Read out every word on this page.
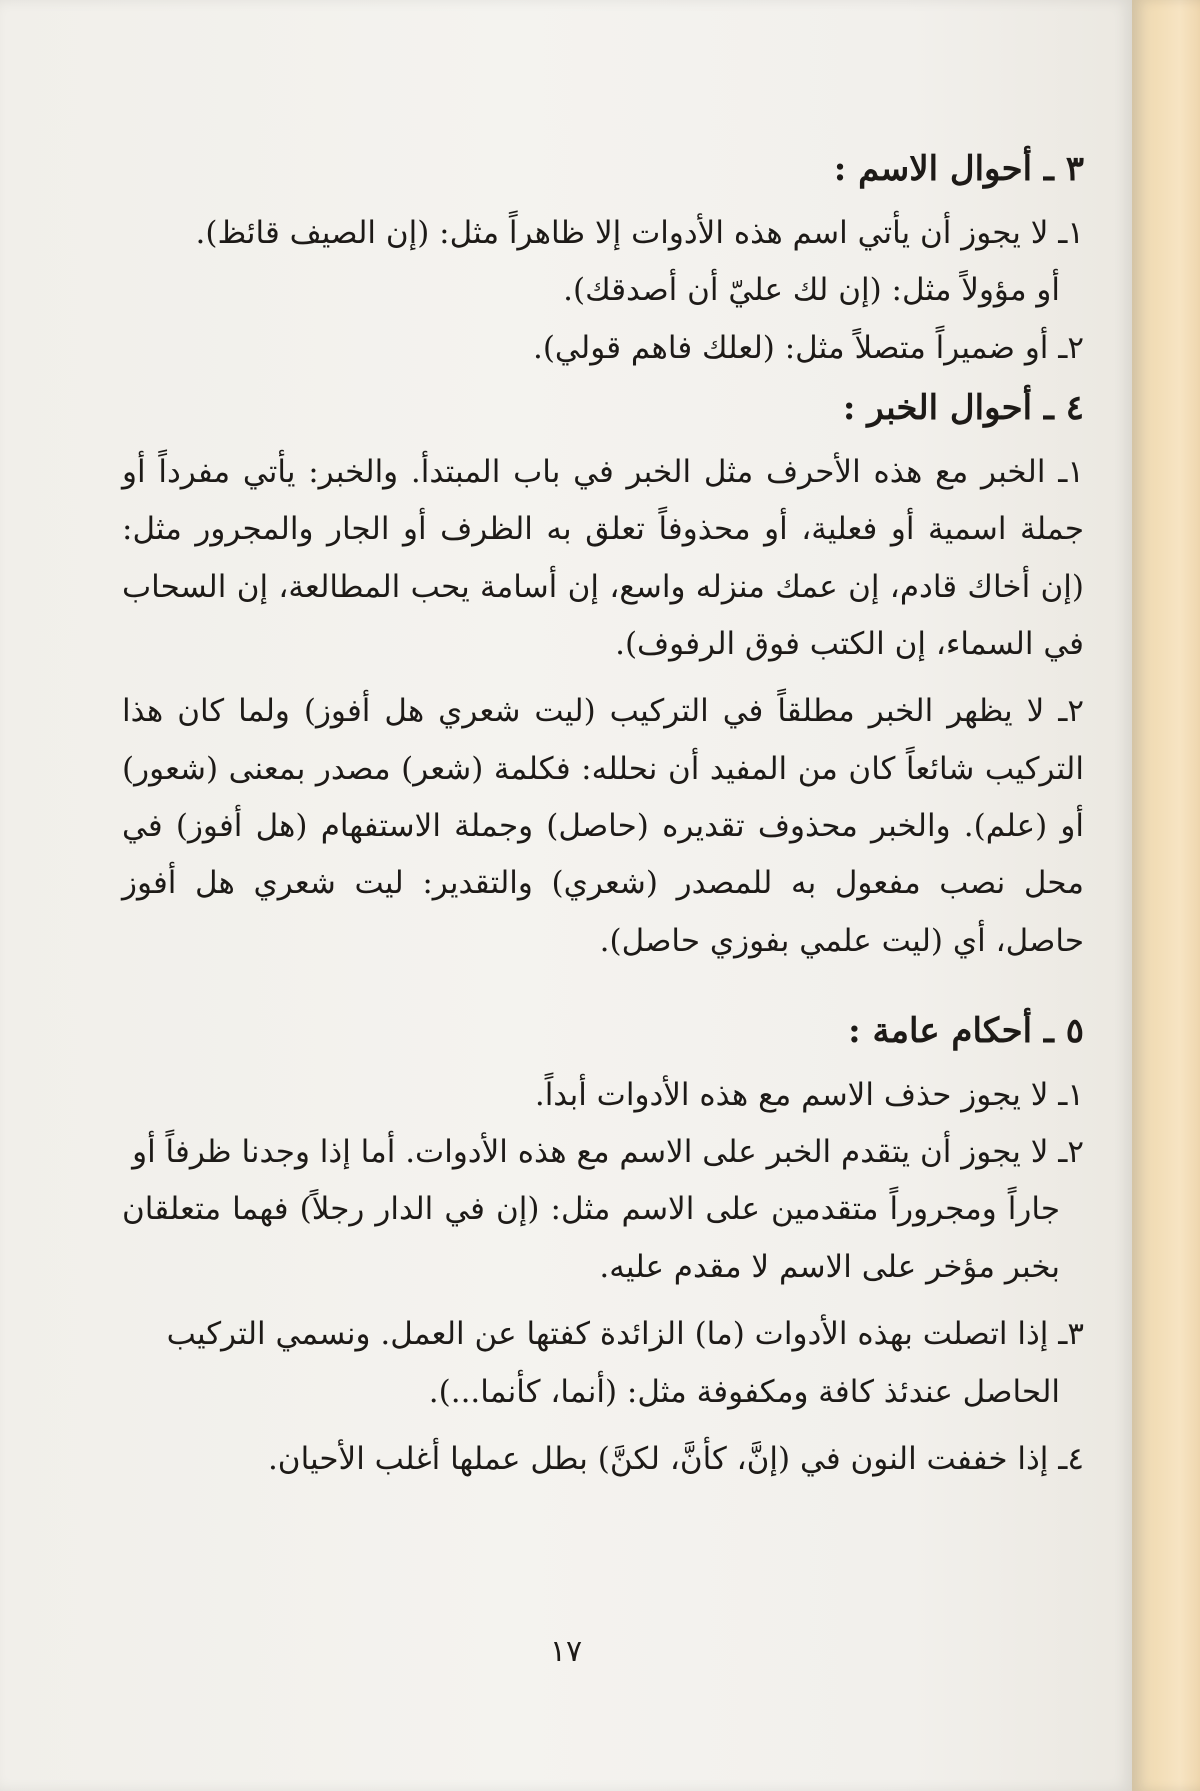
٣ ـ أحوال الاسم :

١ـ لا يجوز أن يأتي اسم هذه الأدوات إلا ظاهراً مثل: (إن الصيف قائظ).

أو مؤولاً مثل: (إن لك عليّ أن أصدقك).

٢ـ أو ضميراً متصلاً مثل: (لعلك فاهم قولي).

٤ ـ أحوال الخبر :

١ـ الخبر مع هذه الأحرف مثل الخبر في باب المبتدأ. والخبر: يأتي مفرداً أو جملة اسمية أو فعلية، أو محذوفاً تعلق به الظرف أو الجار والمجرور مثل: (إن أخاك قادم، إن عمك منزله واسع، إن أسامة يحب المطالعة، إن السحاب في السماء، إن الكتب فوق الرفوف).

٢ـ لا يظهر الخبر مطلقاً في التركيب (ليت شعري هل أفوز) ولما كان هذا التركيب شائعاً كان من المفيد أن نحلله: فكلمة (شعر) مصدر بمعنى (شعور) أو (علم). والخبر محذوف تقديره (حاصل) وجملة الاستفهام (هل أفوز) في محل نصب مفعول به للمصدر (شعري) والتقدير: ليت شعري هل أفوز حاصل، أي (ليت علمي بفوزي حاصل).

٥ ـ أحكام عامة :

١ـ لا يجوز حذف الاسم مع هذه الأدوات أبداً.

٢ـ لا يجوز أن يتقدم الخبر على الاسم مع هذه الأدوات. أما إذا وجدنا ظرفاً أو

جاراً ومجروراً متقدمين على الاسم مثل: (إن في الدار رجلاً) فهما متعلقان بخبر مؤخر على الاسم لا مقدم عليه.

٣ـ إذا اتصلت بهذه الأدوات (ما) الزائدة كفتها عن العمل. ونسمي التركيب

الحاصل عندئذ كافة ومكفوفة مثل: (أنما، كأنما...).

٤ـ إذا خففت النون في (إنَّ، كأنَّ، لكنَّ) بطل عملها أغلب الأحيان.

١٧
